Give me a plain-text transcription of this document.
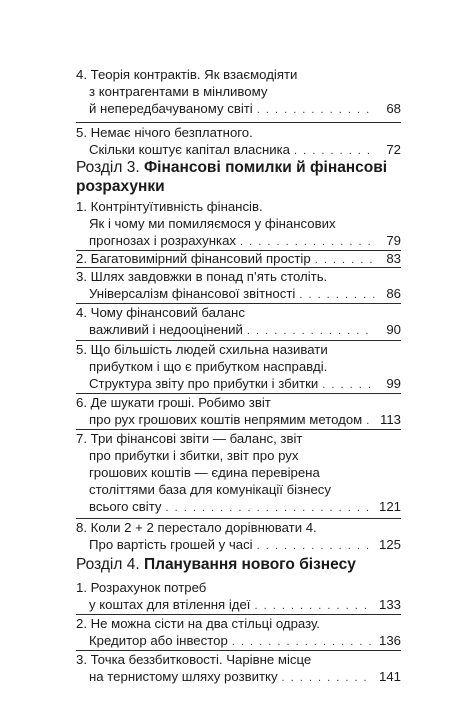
4. Теорія контрактів. Як взаємодіяти
з контрагентами в мінливому
й непередбачуваному світі . . .	68
5. Немає нічого безплатного.
Скільки коштує капітал власника . . .	72
Розділ 3. Фінансові помилки й фінансові
розрахунки
1. Контрінтуїтивність фінансів.
Як і чому ми помиляємося у фінансових
прогнозах і розрахунках . . .	79
2. Багатовимірний фінансовий простір . . .	83
3. Шлях завдовжки в понад п’ять століть.
Універсалізм фінансової звітності . . .	86
4. Чому фінансовий баланс
важливий і недооцінений . . .	90
5. Що більшість людей схильна називати
прибутком і що є прибутком насправді.
Структура звіту про прибутки і збитки . . .	99
6. Де шукати гроші. Робимо звіт
про рух грошових коштів непрямим методом . . . 113
7. Три фінансові звіти — баланс, звіт
про прибутки і збитки, звіт про рух
грошових коштів — єдина перевірена
століттями база для комунікації бізнесу
всього світу . . .	121
8. Коли 2 + 2 перестало дорівнювати 4.
Про вартість грошей у часі . . .	125
Розділ 4. Планування нового бізнесу
1. Розрахунок потреб
у коштах для втілення ідеї . . .	133
2. Не можна сісти на два стільці одразу.
Кредитор або інвестор . . .	136
3. Точка беззбитковості. Чарівне місце
на тернистому шляху розвитку . . .	141
